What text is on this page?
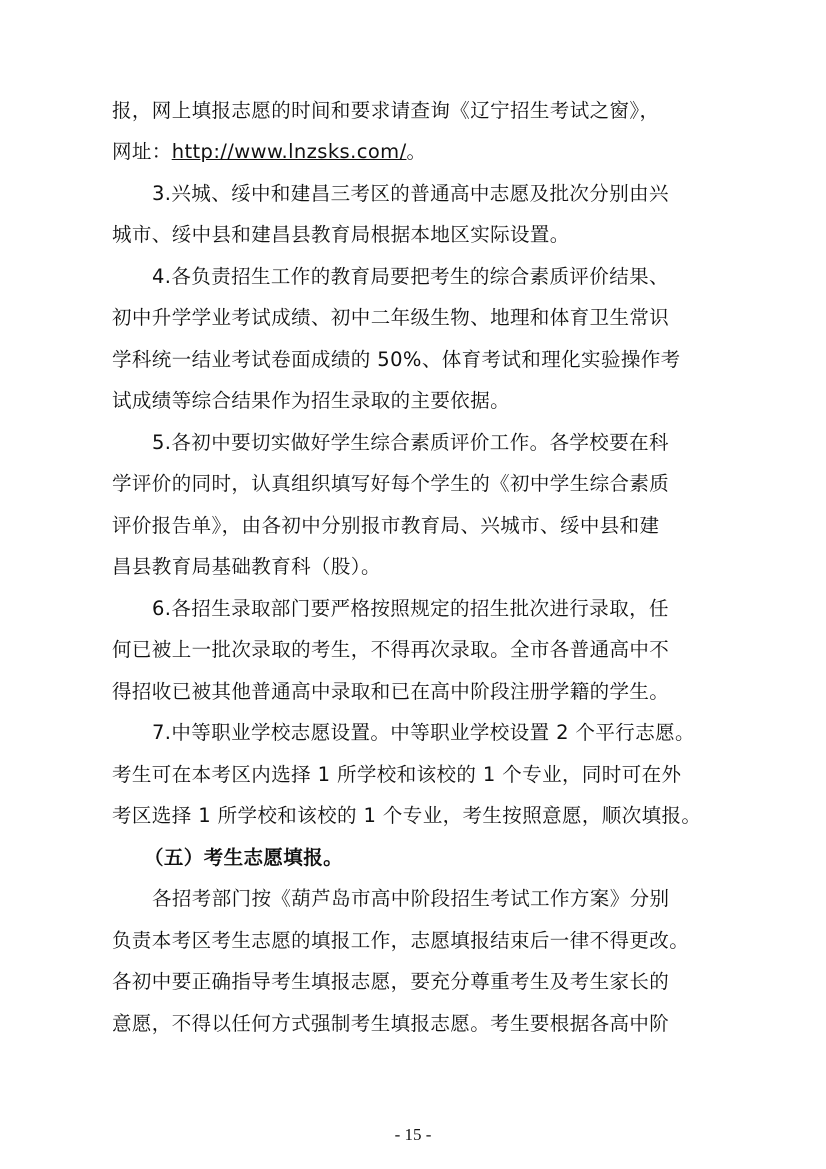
报，网上填报志愿的时间和要求请查询《辽宁招生考试之窗》，
网址：http://www.lnzsks.com/。
3.兴城、绥中和建昌三考区的普通高中志愿及批次分别由兴
城市、绥中县和建昌县教育局根据本地区实际设置。
4.各负责招生工作的教育局要把考生的综合素质评价结果、
初中升学学业考试成绩、初中二年级生物、地理和体育卫生常识
学科统一结业考试卷面成绩的 50%、体育考试和理化实验操作考
试成绩等综合结果作为招生录取的主要依据。
5.各初中要切实做好学生综合素质评价工作。各学校要在科
学评价的同时，认真组织填写好每个学生的《初中学生综合素质
评价报告单》，由各初中分别报市教育局、兴城市、绥中县和建
昌县教育局基础教育科（股）。
6.各招生录取部门要严格按照规定的招生批次进行录取，任
何已被上一批次录取的考生，不得再次录取。全市各普通高中不
得招收已被其他普通高中录取和已在高中阶段注册学籍的学生。
7.中等职业学校志愿设置。中等职业学校设置 2 个平行志愿。
考生可在本考区内选择 1 所学校和该校的 1 个专业，同时可在外
考区选择 1 所学校和该校的 1 个专业，考生按照意愿，顺次填报。
（五）考生志愿填报。
各招考部门按《葫芦岛市高中阶段招生考试工作方案》分别
负责本考区考生志愿的填报工作，志愿填报结束后一律不得更改。
各初中要正确指导考生填报志愿，要充分尊重考生及考生家长的
意愿，不得以任何方式强制考生填报志愿。考生要根据各高中阶
- 15 -
